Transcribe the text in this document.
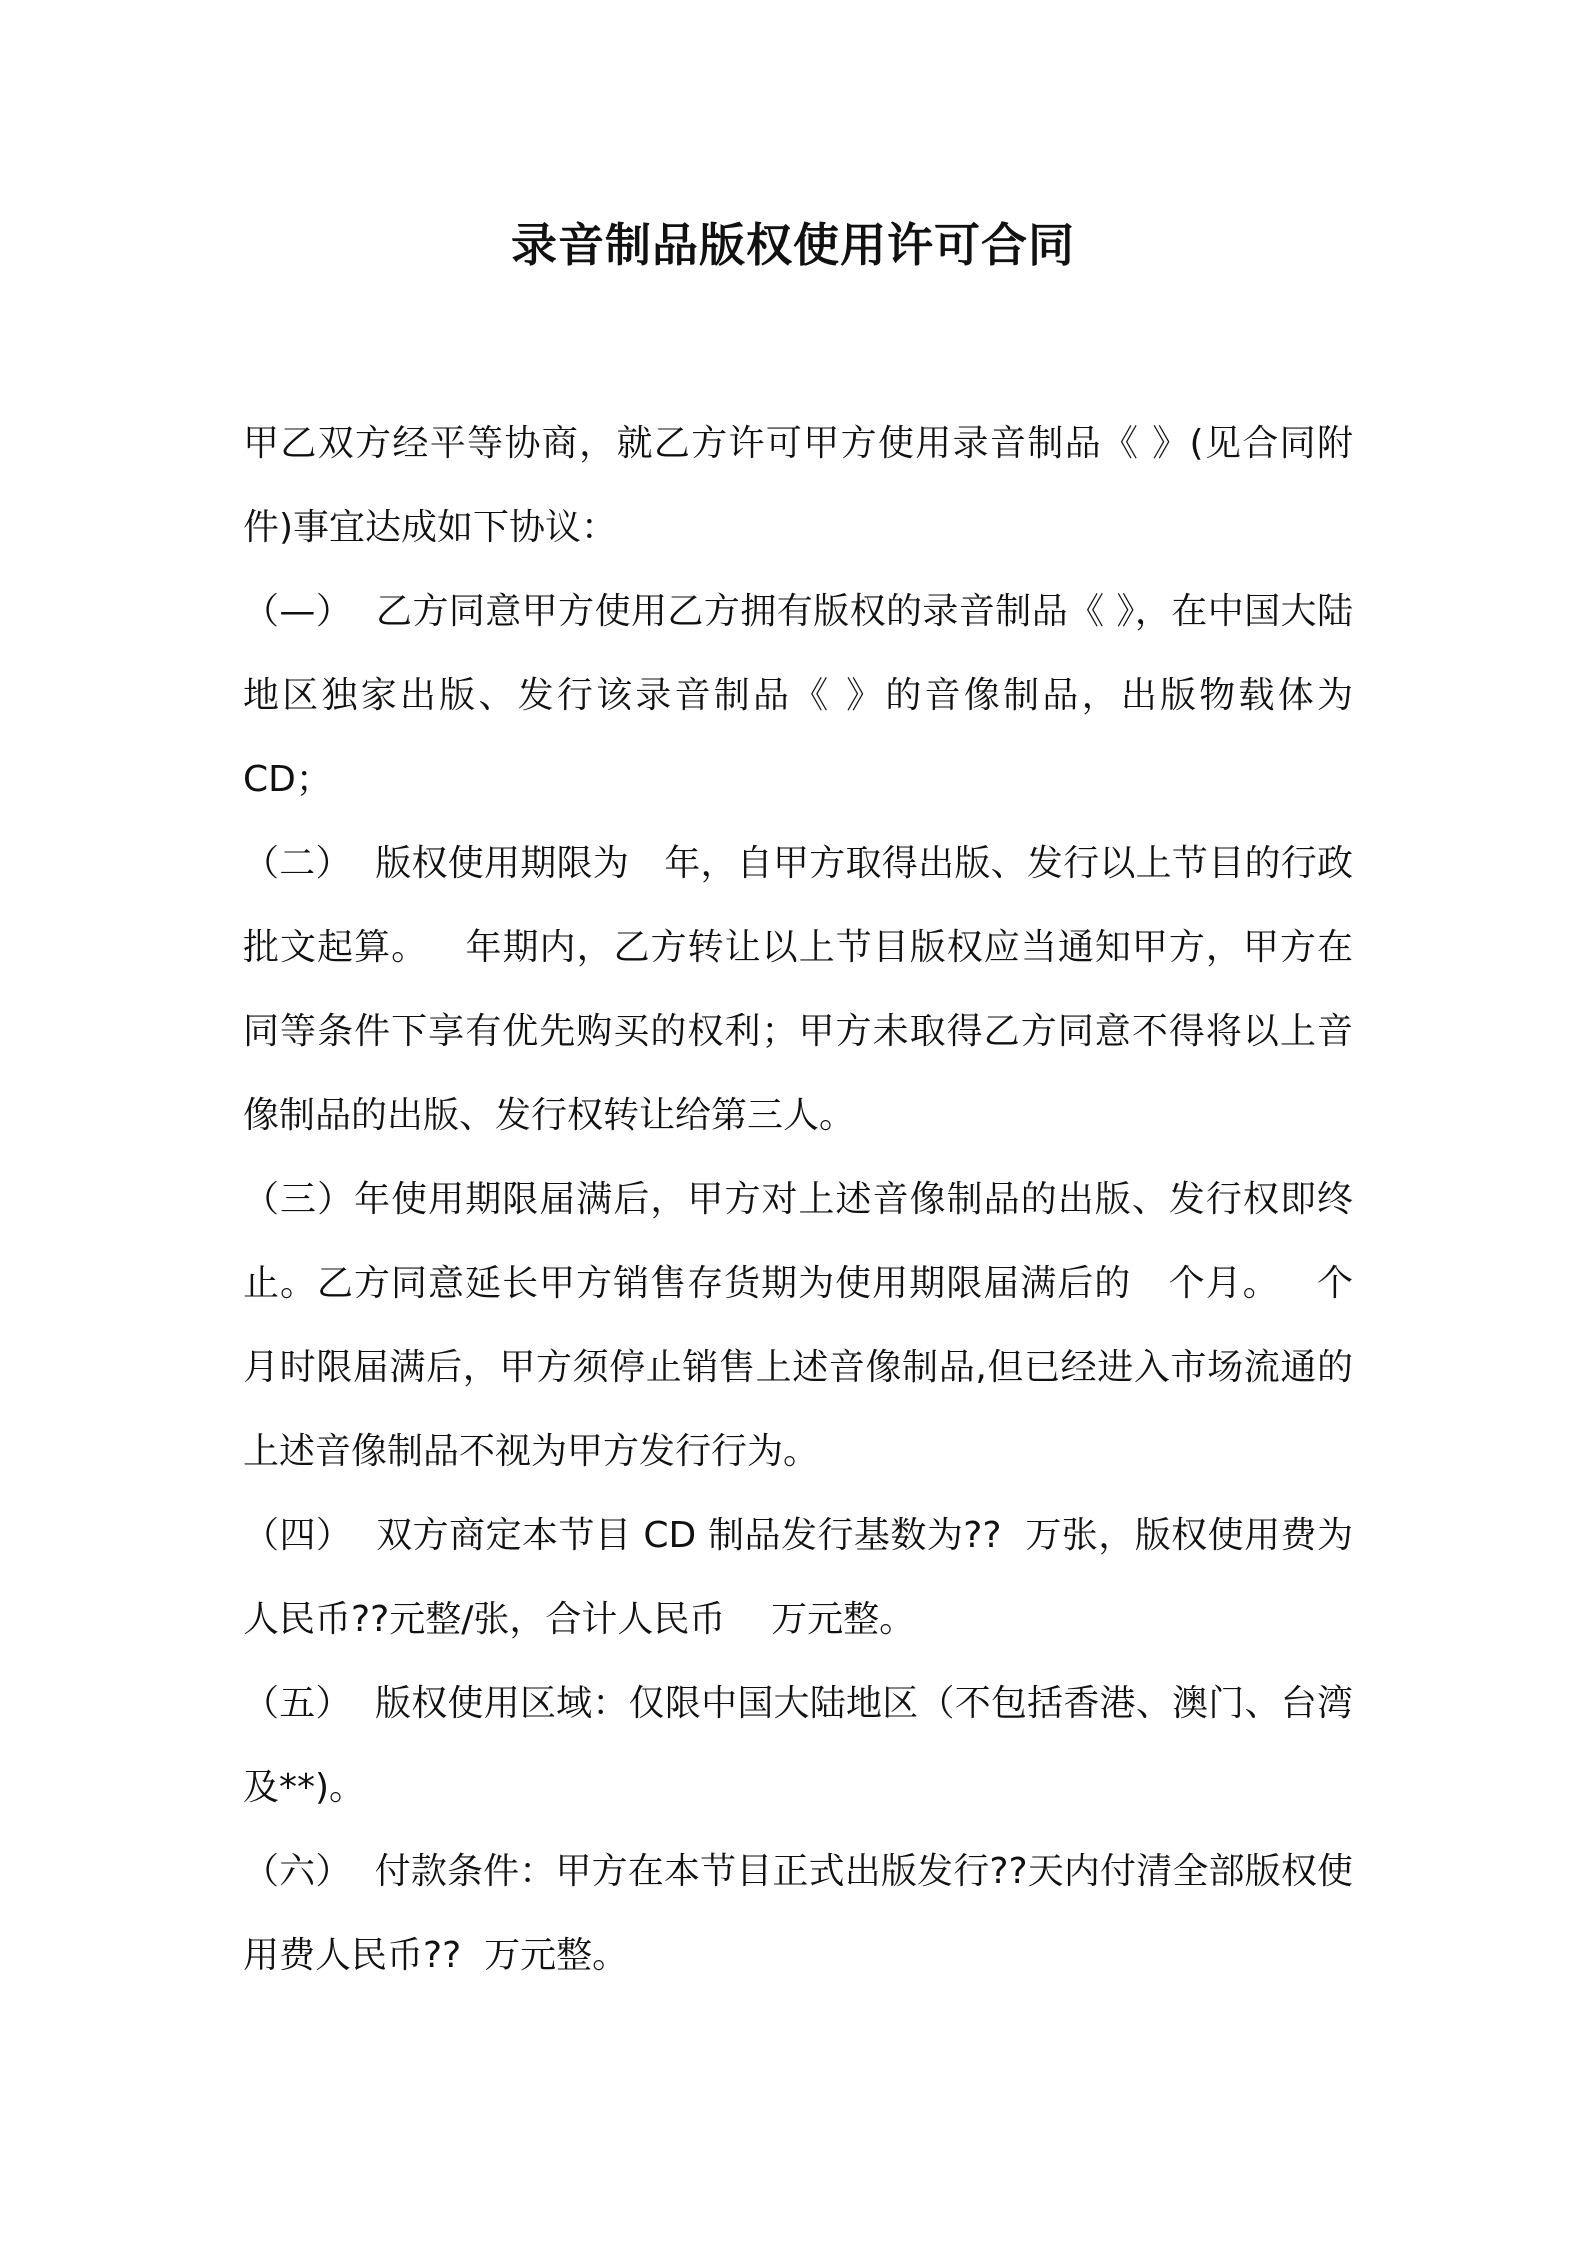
录音制品版权使用许可合同

甲乙双方经平等协商，就乙方许可甲方使用录音制品《 》(见合同附件)事宜达成如下协议：

（—）  乙方同意甲方使用乙方拥有版权的录音制品《 》，在中国大陆地区独家出版、发行该录音制品《 》的音像制品，出版物载体为 CD；

（二）  版权使用期限为   年，自甲方取得出版、发行以上节目的行政批文起算。   年期内，乙方转让以上节目版权应当通知甲方，甲方在同等条件下享有优先购买的权利；甲方未取得乙方同意不得将以上音像制品的出版、发行权转让给第三人。

（三）年使用期限届满后，甲方对上述音像制品的出版、发行权即终止。乙方同意延长甲方销售存货期为使用期限届满后的   个月。   个月时限届满后，甲方须停止销售上述音像制品,但已经进入市场流通的上述音像制品不视为甲方发行行为。

（四）  双方商定本节目 CD 制品发行基数为??  万张，版权使用费为人民币??元整/张，合计人民币    万元整。

（五）  版权使用区域：仅限中国大陆地区（不包括香港、澳门、台湾及**)。

（六）  付款条件：甲方在本节目正式出版发行??天内付清全部版权使用费人民币??  万元整。
